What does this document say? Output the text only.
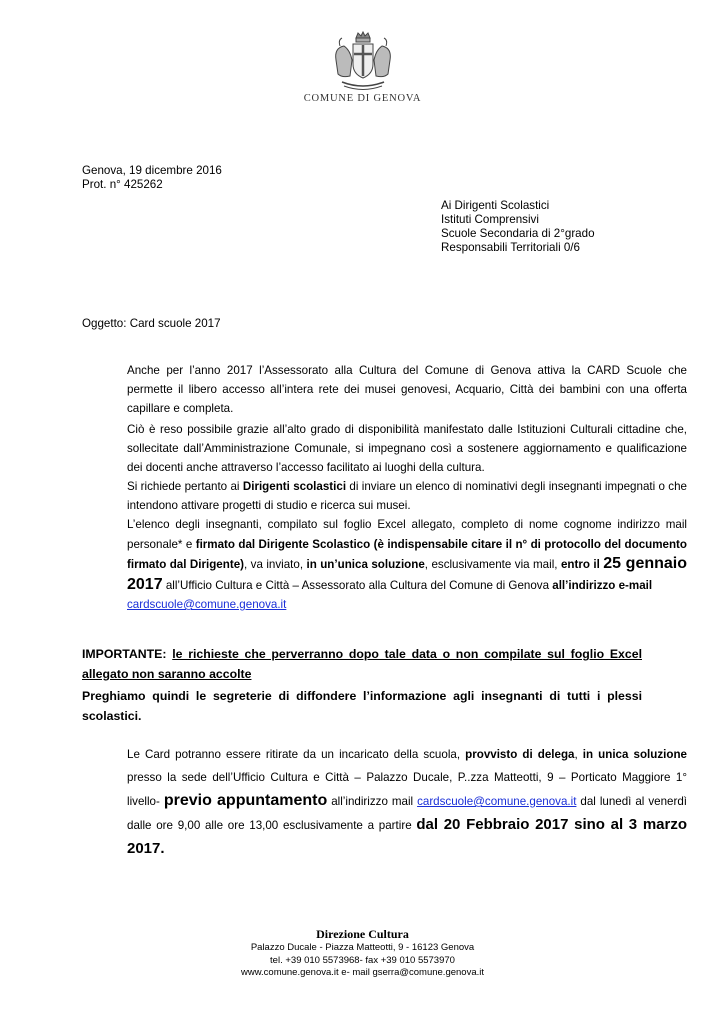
COMUNE DI GENOVA
Genova, 19 dicembre 2016
Prot. n° 425262
Ai Dirigenti Scolastici
Istituti Comprensivi
Scuole Secondaria di 2°grado
Responsabili Territoriali 0/6
Oggetto: Card scuole 2017
Anche per l’anno 2017 l’Assessorato alla Cultura del Comune di Genova attiva la CARD Scuole che permette il libero accesso all’intera rete dei musei genovesi, Acquario, Città dei bambini con una offerta capillare e completa.
Ciò è reso possibile grazie all’alto grado di disponibilità manifestato dalle Istituzioni Culturali cittadine che, sollecitate dall’Amministrazione Comunale, si impegnano così a sostenere aggiornamento e qualificazione dei docenti anche attraverso l’accesso facilitato ai luoghi della cultura.
Si richiede pertanto ai Dirigenti scolastici di inviare un elenco di nominativi degli insegnanti impegnati o che intendono attivare progetti di studio e ricerca sui musei.
L’elenco degli insegnanti, compilato sul foglio Excel allegato, completo di nome cognome indirizzo mail personale* e firmato dal Dirigente Scolastico (è indispensabile citare il n° di protocollo del documento firmato dal Dirigente), va inviato, in un’unica soluzione, esclusivamente via mail, entro il 25 gennaio 2017 all’Ufficio Cultura e Città – Assessorato alla Cultura del Comune di Genova all’indirizzo e-mail
cardscuole@comune.genova.it
IMPORTANTE: le richieste che perverranno dopo tale data o non compilate sul foglio Excel allegato non saranno accolte
Preghiamo quindi le segreterie di diffondere l’informazione agli insegnanti di tutti i plessi scolastici.
Le Card potranno essere ritirate da un incaricato della scuola, provvisto di delega, in unica soluzione presso la sede dell’Ufficio Cultura e Città – Palazzo Ducale, P..zza Matteotti, 9 – Porticato Maggiore 1° livello- previo appuntamento all’indirizzo mail cardscuole@comune.genova.it dal lunedì al venerdì dalle ore 9,00 alle ore 13,00 esclusivamente a partire dal 20 Febbraio 2017 sino al 3 marzo 2017.
Direzione Cultura
Palazzo Ducale - Piazza Matteotti, 9 - 16123 Genova
tel. +39 010 5573968- fax +39 010 5573970
www.comune.genova.it e- mail gserra@comune.genova.it
